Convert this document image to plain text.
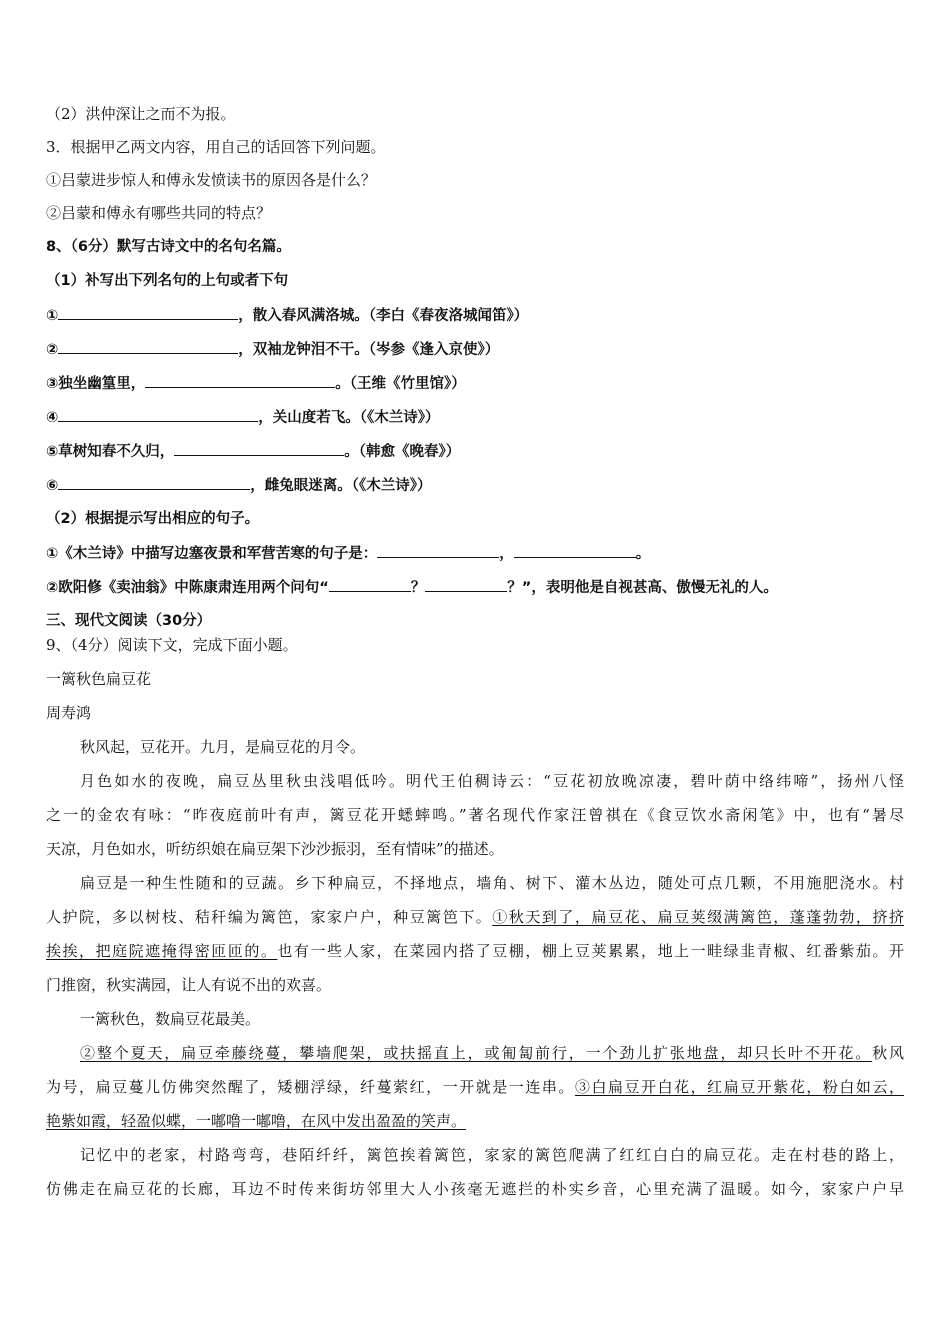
（2）洪仲深让之而不为报。
3．根据甲乙两文内容，用自己的话回答下列问题。
①吕蒙进步惊人和傅永发愤读书的原因各是什么？
②吕蒙和傅永有哪些共同的特点？
8、（6分）默写古诗文中的名句名篇。
（1）补写出下列名句的上句或者下句
①	，散入春风满洛城。（李白《春夜洛城闻笛》）
②	，双袖龙钟泪不干。（岑参《逢入京使》）
③独坐幽篁里，	。（王维《竹里馆》）
④	，关山度若飞。（《木兰诗》）
⑤草树知春不久归，	。（韩愈《晚春》）
⑥	，雌兔眼迷离。（《木兰诗》）
（2）根据提示写出相应的句子。
①《木兰诗》中描写边塞夜景和军营苦寒的句子是：	，	。
②欧阳修《卖油翁》中陈康肃连用两个问句“	？	？”，表明他是自视甚高、傲慢无礼的人。
三、现代文阅读（30分）
9、（4分）阅读下文，完成下面小题。
一篱秋色扁豆花
周寿鸿
秋风起，豆花开。九月，是扁豆花的月令。
月色如水的夜晚，扁豆丛里秋虫浅唱低吟。明代王伯稠诗云：“豆花初放晚凉凄，碧叶荫中络纬啼”，扬州八怪
之一的金农有咏：“昨夜庭前叶有声，篱豆花开蟋蟀鸣。”著名现代作家汪曾祺在《食豆饮水斋闲笔》中，也有“暑尽
天凉，月色如水，听纺织娘在扁豆架下沙沙振羽，至有情味”的描述。
扁豆是一种生性随和的豆蔬。乡下种扁豆，不择地点，墙角、树下、灌木丛边，随处可点几颗，不用施肥浇水。村
人护院，多以树枝、秸秆编为篱笆，家家户户，种豆篱笆下。①秋天到了，扁豆花、扁豆荚缀满篱笆，蓬蓬勃勃，挤挤
挨挨，把庭院遮掩得密匝匝的。也有一些人家，在菜园内搭了豆棚，棚上豆荚累累，地上一畦绿韭青椒、红番紫茄。开
门推窗，秋实满园，让人有说不出的欢喜。
一篱秋色，数扁豆花最美。
②整个夏天，扁豆牵藤绕蔓，攀墙爬架，或扶摇直上，或匍匐前行，一个劲儿扩张地盘，却只长叶不开花。秋风
为号，扁豆蔓儿仿佛突然醒了，矮棚浮绿，纤蔓萦红，一开就是一连串。③白扁豆开白花，红扁豆开紫花，粉白如云，
艳紫如霞，轻盈似蝶，一嘟噜一嘟噜，在风中发出盈盈的笑声。
记忆中的老家，村路弯弯，巷陌纤纤，篱笆挨着篱笆，家家的篱笆爬满了红红白白的扁豆花。走在村巷的路上，
仿佛走在扁豆花的长廊，耳边不时传来街坊邻里大人小孩毫无遮拦的朴实乡音，心里充满了温暖。如今，家家户户早
